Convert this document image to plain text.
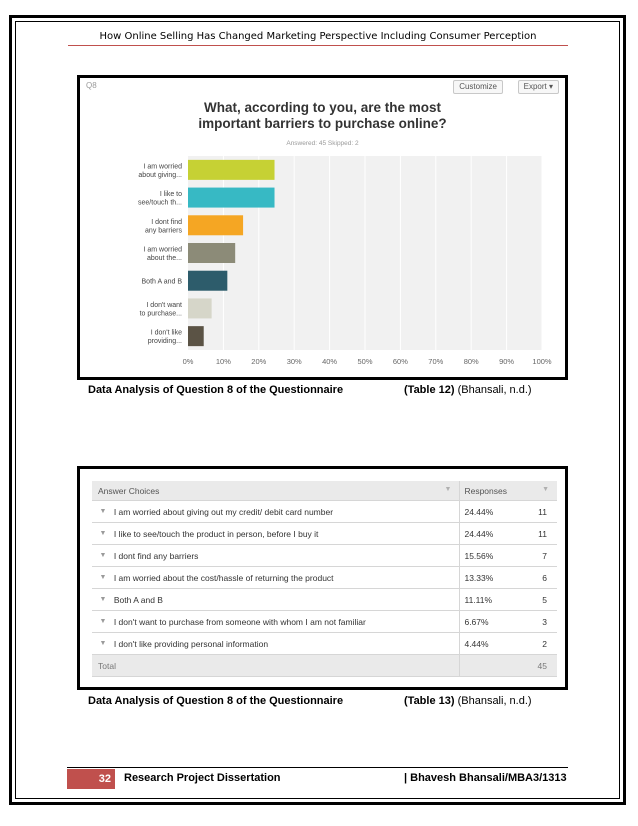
How Online Selling Has Changed Marketing Perspective Including Consumer Perception
Q8	Customize	Export ▾
What, according to you, are the most
important barriers to purchase online?
Answered: 45 Skipped: 2
0%	10%	20%	30%	40%	50%	60%	70%	80%	90% 100%
I am worried about giving...
I like to see/touch th...
I dont find any barriers
I am worried about the...
Both A and B
I don't want to purchase...
I don't like providing...
Data Analysis of Question 8 of the Questionnaire	(Table 12) (Bhansali, n.d.)
Answer Choices ▼		Responses ▼	

▼	I am worried about giving out my credit/ debit card number	24.44%	11
▼	I like to see/touch the product in person, before I buy it	24.44%	11
▼	I dont find any barriers	15.56%	7
▼	I am worried about the cost/hassle of returning the product	13.33%	6
▼	Both A and B	11.11%	5
▼	I don't want to purchase from someone with whom I am not familiar	6.67%	3
▼	I don't like providing personal information	4.44%	2
Total			45
Data Analysis of Question 8 of the Questionnaire	(Table 13) (Bhansali, n.d.)
32	Research Project Dissertation	| Bhavesh Bhansali/MBA3/1313
